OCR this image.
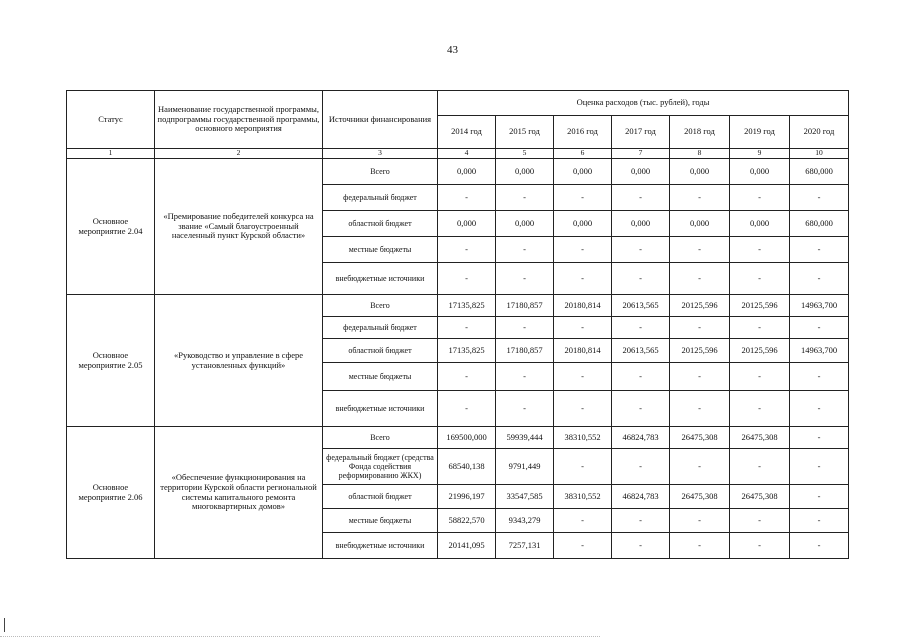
43
Статус	Наименование государственной программы, подпрограммы государственной программы, основного мероприятия	Источники финансирования	Оценка расходов (тыс. рублей), годы						
			2014 год	2015 год	2016 год	2017 год	2018 год	2019 год	2020 год
1	2	3	4	5	6	7	8	9	10
Основное мероприятие 2.04	«Премирование победителей конкурса на звание «Самый благоустроенный населенный пункт Курской области»	Всего	0,000	0,000	0,000	0,000	0,000	0,000	680,000
		федеральный бюджет	-	-	-	-	-	-	-
		областной бюджет	0,000	0,000	0,000	0,000	0,000	0,000	680,000
		местные бюджеты	-	-	-	-	-	-	-
		внебюджетные источники	-	-	-	-	-	-	-
Основное мероприятие 2.05	«Руководство и управление в сфере установленных функций»	Всего	17135,825	17180,857	20180,814	20613,565	20125,596	20125,596	14963,700
		федеральный бюджет	-	-	-	-	-	-	-
		областной бюджет	17135,825	17180,857	20180,814	20613,565	20125,596	20125,596	14963,700
		местные бюджеты	-	-	-	-	-	-	-
		внебюджетные источники	-	-	-	-	-	-	-
Основное мероприятие 2.06	«Обеспечение функционирования на территории Курской области региональной системы капитального ремонта многоквартирных домов»	Всего	169500,000	59939,444	38310,552	46824,783	26475,308	26475,308	-
		федеральный бюджет (средства Фонда содействия реформированию ЖКХ)	68540,138	9791,449	-	-	-	-	-
		областной бюджет	21996,197	33547,585	38310,552	46824,783	26475,308	26475,308	-
		местные бюджеты	58822,570	9343,279	-	-	-	-	-
		внебюджетные источники	20141,095	7257,131	-	-	-	-	-
